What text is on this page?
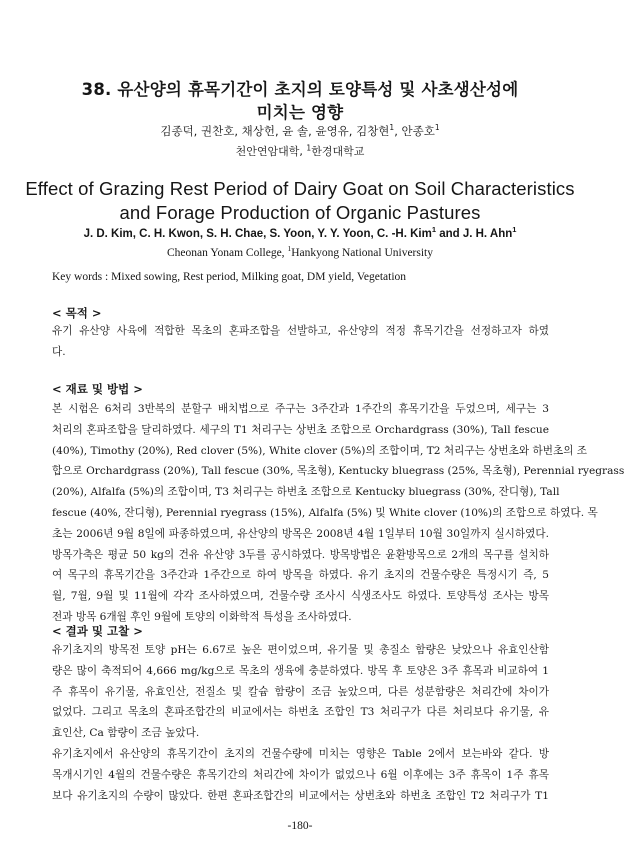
38. 유산양의 휴목기간이 초지의 토양특성 및 사초생산성에
미치는 영향
김종덕, 권찬호, 채상헌, 윤 솔, 윤영유, 김창현$^1$, 안종호$^1$
천안연암대학, $^1$한경대학교
Effect of Grazing Rest Period of Dairy Goat on Soil Characteristics
and Forage Production of Organic Pastures
J. D. Kim, C. H. Kwon, S. H. Chae, S. Yoon, Y. Y. Yoon, C. -H. Kim$^1$ and J. H. Ahn$^1$
Cheonan Yonam College, $^1$Hankyong National University
Key words : Mixed sowing, Rest period, Milking goat, DM yield, Vegetation
< 목적 >
유기 유산양 사육에 적합한 목초의 혼파조합을 선발하고, 유산양의 적정 휴목기간을 선정하고자 하였
다.
< 재료 및 방법 >
본 시험은 6처리 3반복의 분할구 배치법으로 주구는 3주간과 1주간의 휴목기간을 두었으며, 세구는 3
처리의 혼파조합을 달리하였다. 세구의 T1 처리구는 상번초 조합으로 Orchardgrass (30%), Tall fescue
(40%), Timothy (20%), Red clover (5%), White clover (5%)의 조합이며, T2 처리구는 상번초와 하번초의 조
합으로 Orchardgrass (20%), Tall fescue (30%, 목초형), Kentucky bluegrass (25%, 목초형), Perennial ryegrass
(20%), Alfalfa (5%)의 조합이며, T3 처리구는 하번초 조합으로 Kentucky bluegrass (30%, 잔디형), Tall
fescue (40%, 잔디형), Perennial ryegrass (15%), Alfalfa (5%) 및 White clover (10%)의 조합으로 하였다. 목
초는 2006년 9월 8일에 파종하였으며, 유산양의 방목은 2008년 4월 1일부터 10월 30일까지 실시하였다.
방목가축은 평균 50 kg의 건유 유산양 3두를 공시하였다. 방목방법은 윤환방목으로 2개의 목구를 설치하
여 목구의 휴목기간을 3주간과 1주간으로 하여 방목을 하였다. 유기 초지의 건물수량은 특정시기 즉, 5
월, 7월, 9월 및 11월에 각각 조사하였으며, 건물수량 조사시 식생조사도 하였다. 토양특성 조사는 방목
전과 방목 6개월 후인 9월에 토양의 이화학적 특성을 조사하였다.
< 결과 및 고찰 >
유기초지의 방목전 토양 pH는 6.67로 높은 편이었으며, 유기물 및 총질소 함량은 낮았으나 유효인산함
량은 많이 축적되어 4,666 mg/kg으로 목초의 생육에 충분하였다. 방목 후 토양은 3주 휴목과 비교하여 1
주 휴목이 유기물, 유효인산, 전질소 및 칼슘 함량이 조금 높았으며, 다른 성분함량은 처리간에 차이가
없었다. 그리고 목초의 혼파조합간의 비교에서는 하번초 조합인 T3 처리구가 다른 처리보다 유기물, 유
효인산, Ca 함량이 조금 높았다.
유기초지에서 유산양의 휴목기간이 초지의 건물수량에 미치는 영향은 Table 2에서 보는바와 같다. 방
목개시기인 4월의 건물수량은 휴목기간의 처리간에 차이가 없었으나 6월 이후에는 3주 휴목이 1주 휴목
보다 유기초지의 수량이 많았다. 한편 혼파조합간의 비교에서는 상번초와 하번초 조합인 T2 처리구가 T1
-180-
